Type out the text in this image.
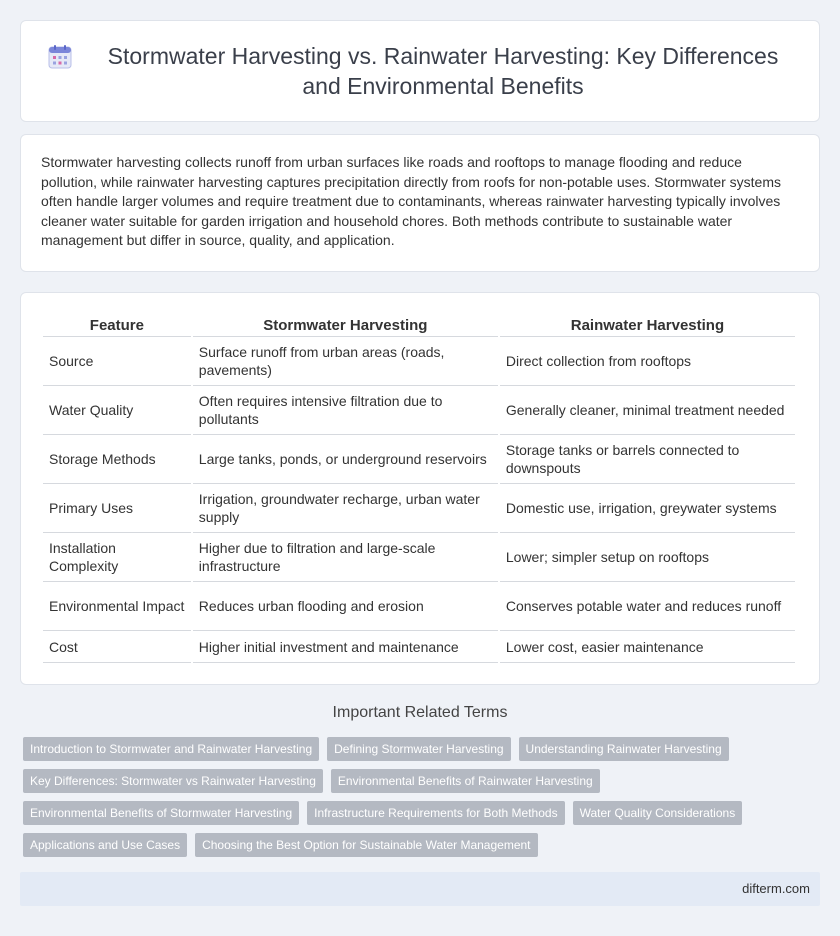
Stormwater Harvesting vs. Rainwater Harvesting: Key Differences and Environmental Benefits

Stormwater harvesting collects runoff from urban surfaces like roads and rooftops to manage flooding and reduce pollution, while rainwater harvesting captures precipitation directly from roofs for non-potable uses. Stormwater systems often handle larger volumes and require treatment due to contaminants, whereas rainwater harvesting typically involves cleaner water suitable for garden irrigation and household chores. Both methods contribute to sustainable water management but differ in source, quality, and application.

Feature	Stormwater Harvesting	Rainwater Harvesting
Source	Surface runoff from urban areas (roads, pavements)	Direct collection from rooftops
Water Quality	Often requires intensive filtration due to pollutants	Generally cleaner, minimal treatment needed
Storage Methods	Large tanks, ponds, or underground reservoirs	Storage tanks or barrels connected to downspouts
Primary Uses	Irrigation, groundwater recharge, urban water supply	Domestic use, irrigation, greywater systems
Installation Complexity	Higher due to filtration and large-scale infrastructure	Lower; simpler setup on rooftops
Environmental Impact	Reduces urban flooding and erosion	Conserves potable water and reduces runoff
Cost	Higher initial investment and maintenance	Lower cost, easier maintenance
Important Related Terms
Introduction to Stormwater and Rainwater Harvesting	Defining Stormwater Harvesting	Understanding Rainwater Harvesting
Key Differences: Stormwater vs Rainwater Harvesting	Environmental Benefits of Rainwater Harvesting
Environmental Benefits of Stormwater Harvesting	Infrastructure Requirements for Both Methods	Water Quality Considerations
Applications and Use Cases	Choosing the Best Option for Sustainable Water Management
difterm.com
